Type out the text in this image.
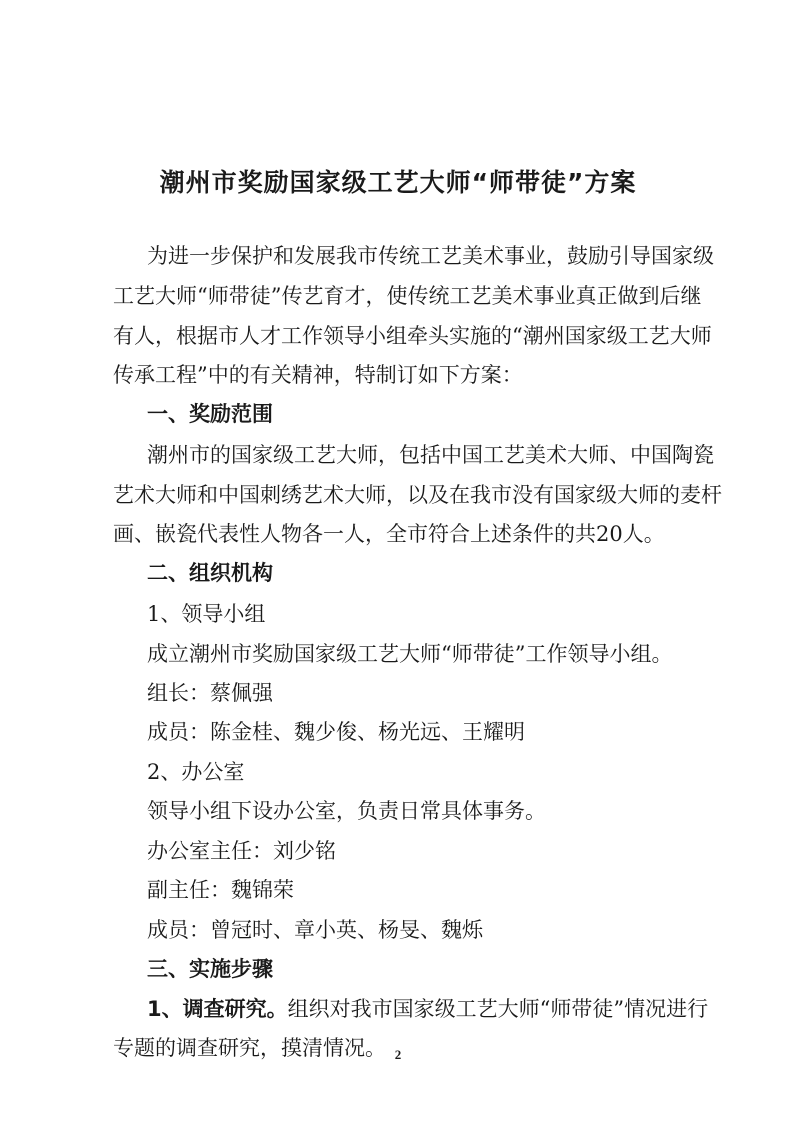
潮州市奖励国家级工艺大师“师带徒”方案
为进一步保护和发展我市传统工艺美术事业，鼓励引导国家级
工艺大师“师带徒”传艺育才，使传统工艺美术事业真正做到后继
有人，根据市人才工作领导小组牵头实施的“潮州国家级工艺大师
传承工程”中的有关精神，特制订如下方案：
一、奖励范围
潮州市的国家级工艺大师，包括中国工艺美术大师、中国陶瓷
艺术大师和中国刺绣艺术大师，以及在我市没有国家级大师的麦杆
画、嵌瓷代表性人物各一人，全市符合上述条件的共20人。
二、组织机构
1、领导小组
成立潮州市奖励国家级工艺大师“师带徒”工作领导小组。
组长：蔡佩强
成员：陈金桂、魏少俊、杨光远、王耀明
2、办公室
领导小组下设办公室，负责日常具体事务。
办公室主任：刘少铭
副主任：魏锦荣
成员：曾冠时、章小英、杨旻、魏烁
三、实施步骤
1、调查研究。组织对我市国家级工艺大师“师带徒”情况进行
专题的调查研究，摸清情况。 2
